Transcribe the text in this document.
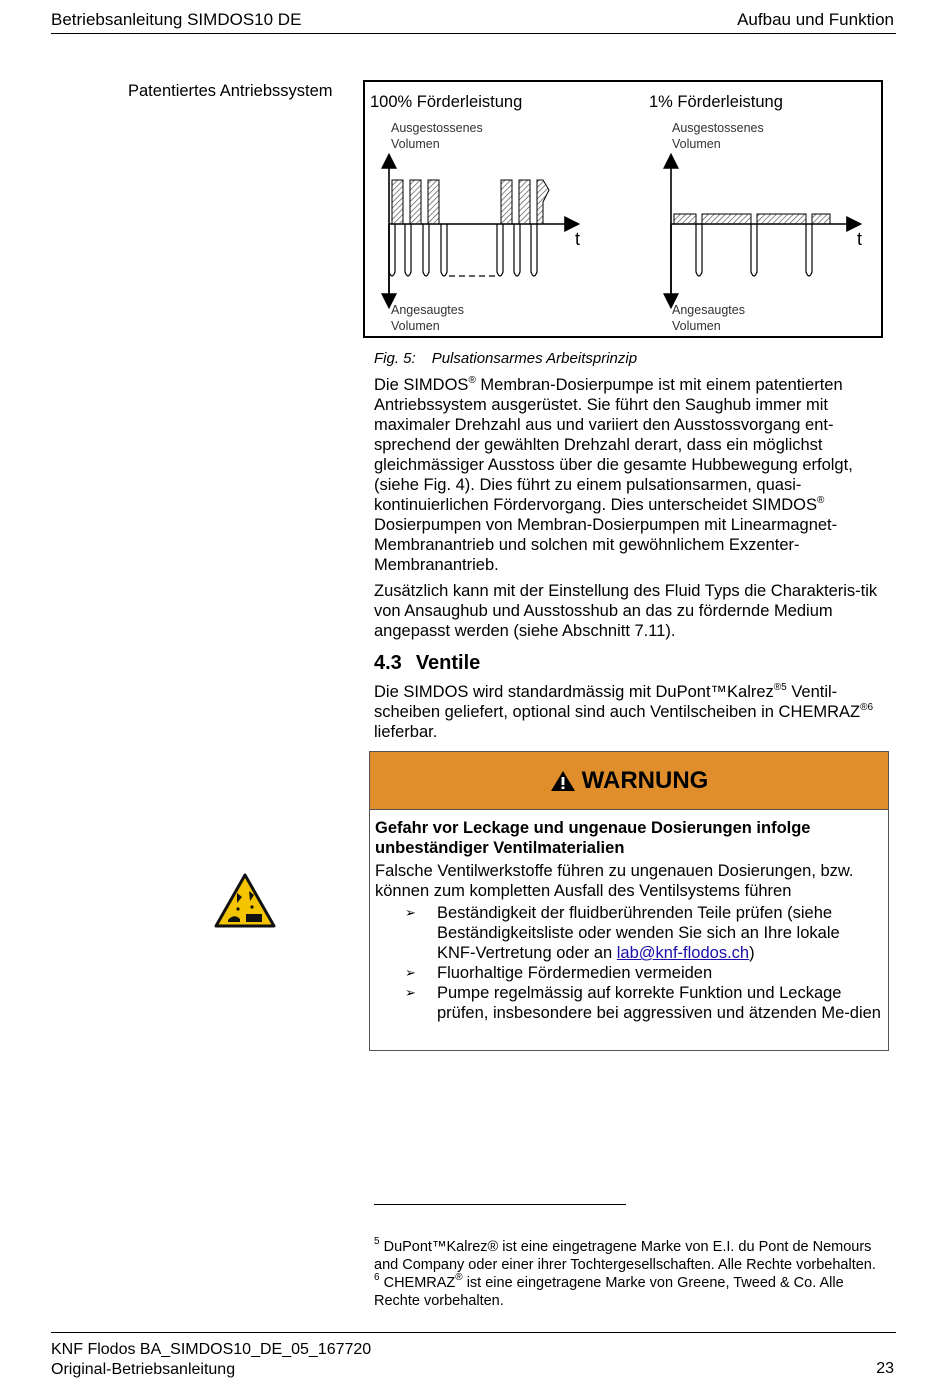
Betriebsanleitung SIMDOS10 DE	Aufbau und Funktion
Patentiertes Antriebssystem
100% Förderleistung	1% Förderleistung
Ausgestossenes
Volumen
Ausgestossenes
Volumen
Angesaugtes
Volumen
Angesaugtes
Volumen
t	t
Fig. 5: Pulsationsarmes Arbeitsprinzip

Die SIMDOS® Membran-Dosierpumpe ist mit einem patentierten Antriebssystem ausgerüstet. Sie führt den Saughub immer mit maximaler Drehzahl aus und variiert den Ausstossvorgang ent-sprechend der gewählten Drehzahl derart, dass ein möglichst gleichmässiger Ausstoss über die gesamte Hubbewegung erfolgt, (siehe Fig. 4). Dies führt zu einem pulsationsarmen, quasi-kontinuierlichen Fördervorgang. Dies unterscheidet SIMDOS® Dosierpumpen von Membran-Dosierpumpen mit Linearmagnet-Membranantrieb und solchen mit gewöhnlichem Exzenter-Membranantrieb.

Zusätzlich kann mit der Einstellung des Fluid Typs die Charakteris-tik von Ansaughub und Ausstosshub an das zu fördernde Medium angepasst werden (siehe Abschnitt 7.11).

4.3 Ventile

Die SIMDOS wird standardmässig mit DuPont™Kalrez$^{®5}$ Ventil-scheiben geliefert, optional sind auch Ventilscheiben in $CHEMRAZ^{®6}$ lieferbar.

WARNUNG

Gefahr vor Leckage und ungenaue Dosierungen infolge unbeständiger Ventilmaterialien

Falsche Ventilwerkstoffe führen zu ungenauen Dosierungen, bzw. können zum kompletten Ausfall des Ventilsystems führen

➢ Beständigkeit der fluidberührenden Teile prüfen (siehe Beständigkeitsliste oder wenden Sie sich an Ihre lokale KNF-Vertretung oder an lab@knf-flodos.ch)
➢ Fluorhaltige Fördermedien vermeiden
➢ Pumpe regelmässig auf korrekte Funktion und Leckage prüfen, insbesondere bei aggressiven und ätzenden Me-dien

$^5$ DuPont™Kalrez® ist eine eingetragene Marke von E.I. du Pont de Nemours and Company oder einer ihrer Tochtergesellschaften. Alle Rechte vorbehalten.

$^6$ CHEMRAZ® ist eine eingetragene Marke von Greene, Tweed & Co. Alle Rechte vorbehalten.

KNF Flodos BA_SIMDOS10_DE_05_167720
Original-Betriebsanleitung	23
